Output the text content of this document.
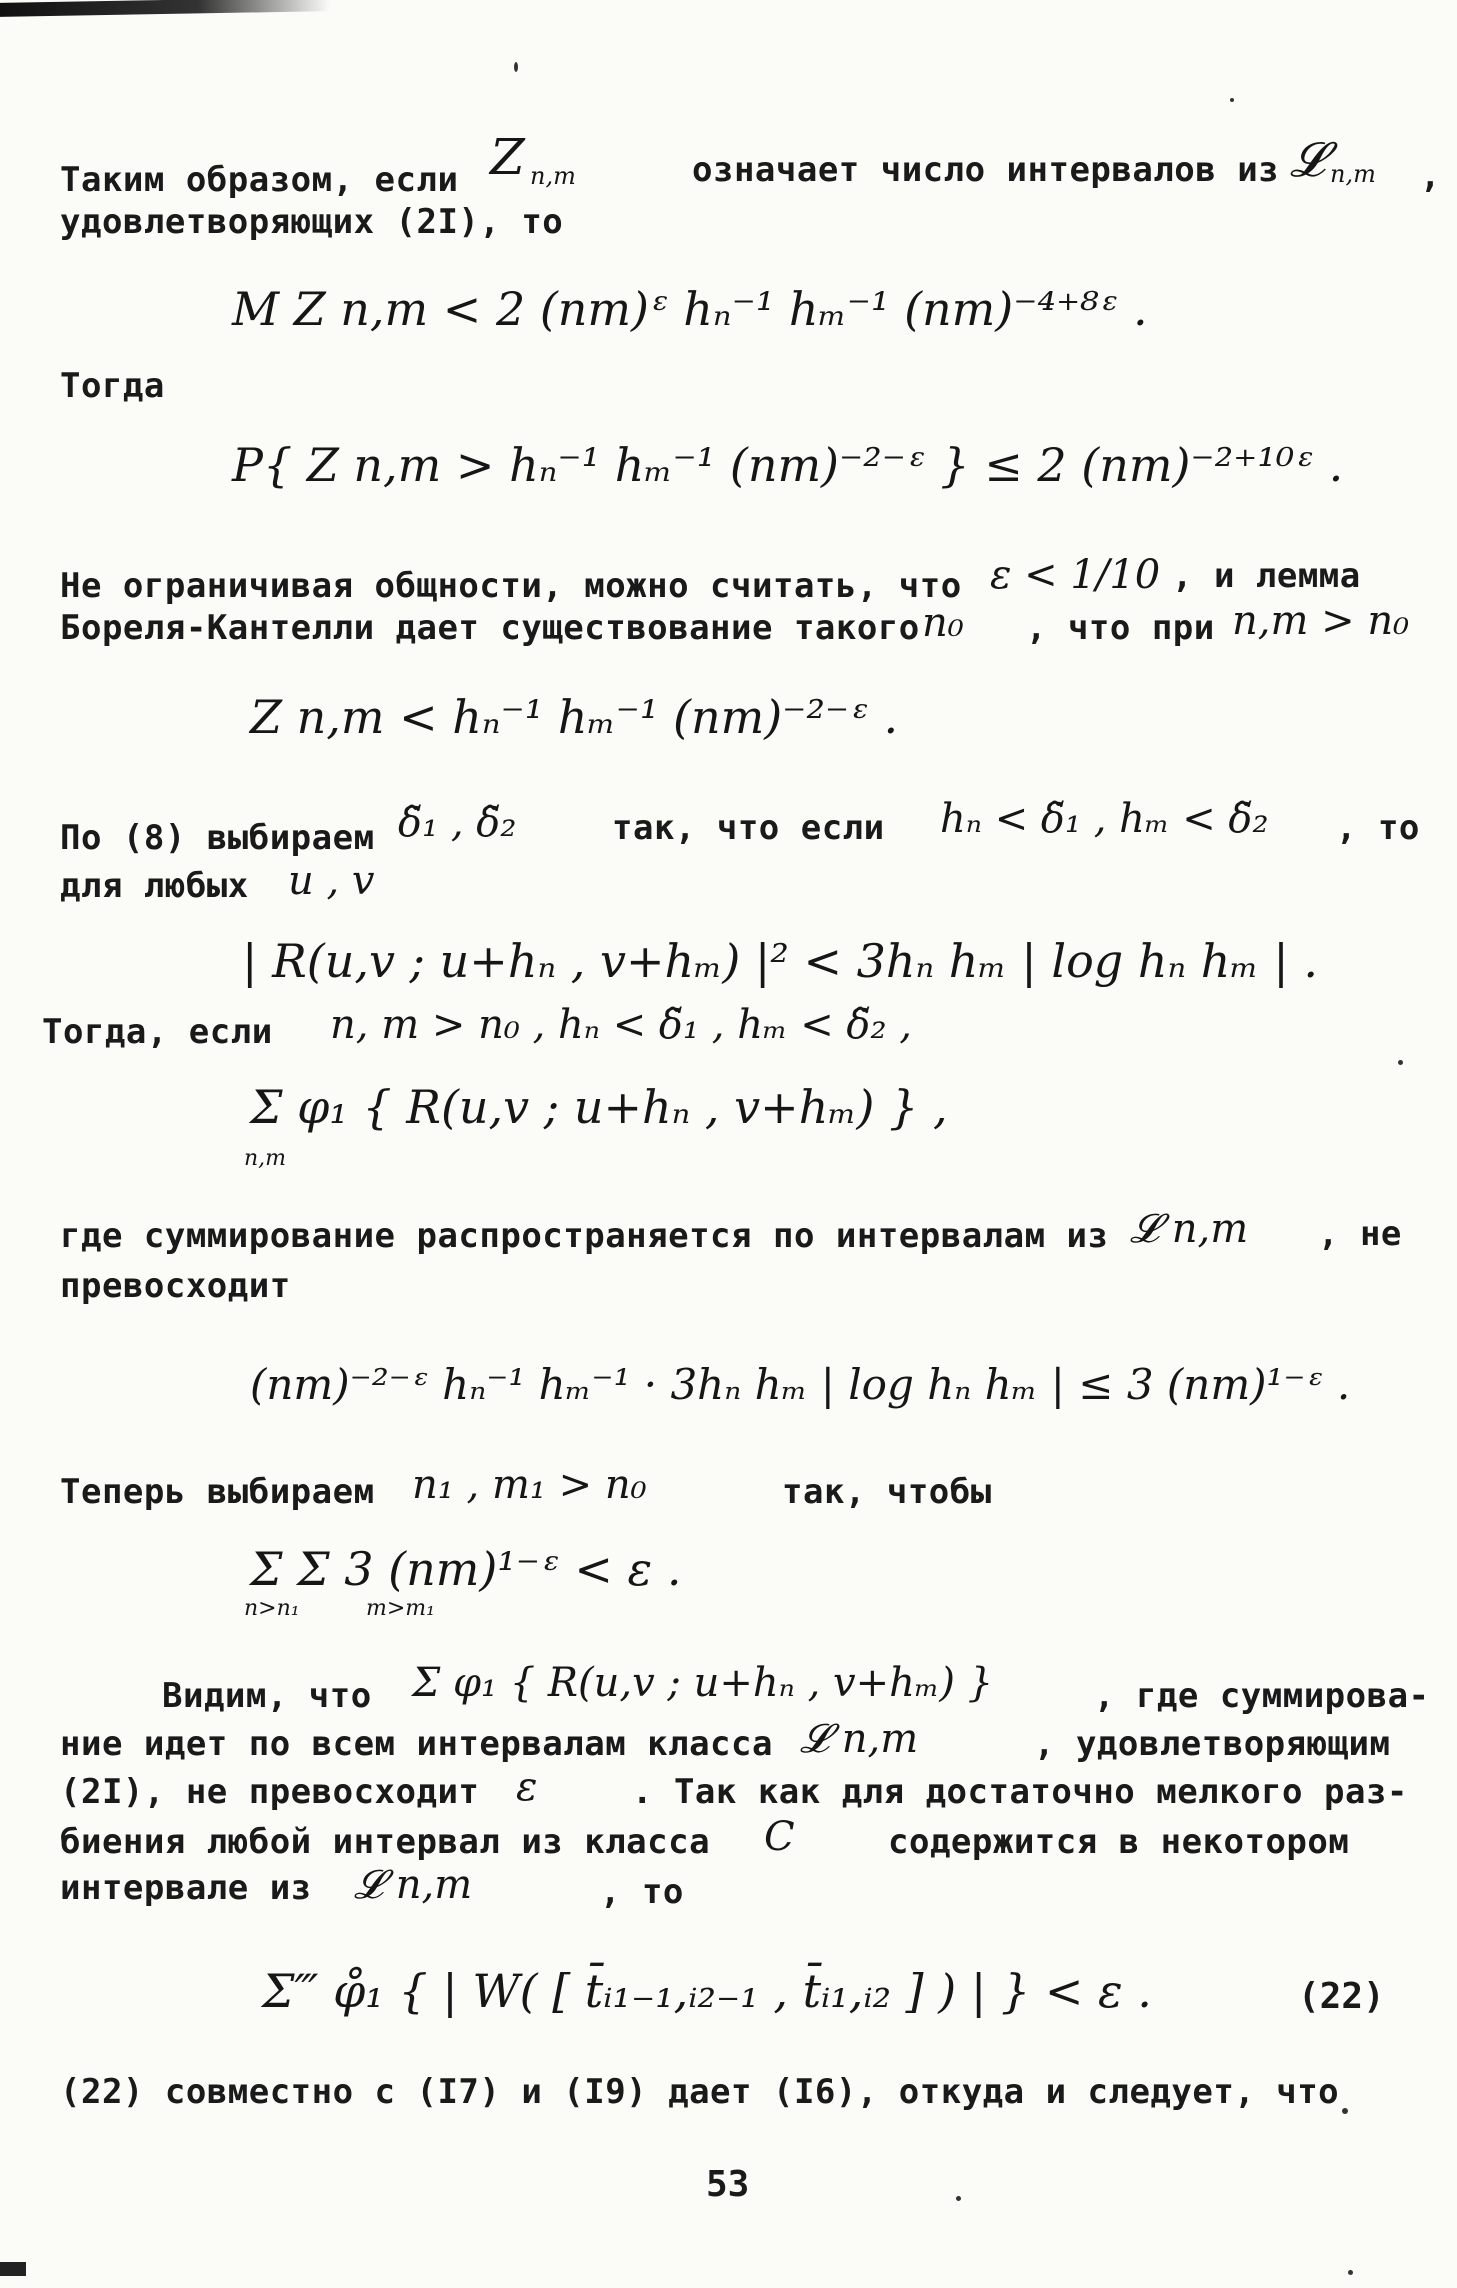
Таким образом, если Z n,m	означает число интервалов из 𝓛 n,m ,
удовлетворяющих (2I), то
M Z n,m < 2 (nm)ᵋ hₙ⁻¹ hₘ⁻¹ (nm)⁻⁴⁺⁸ᵋ .
Тогда
P{ Z n,m > hₙ⁻¹ hₘ⁻¹ (nm)⁻²⁻ᵋ } ≤ 2 (nm)⁻²⁺¹⁰ᵋ .
Не ограничивая общности, можно считать, что ε < 1/10 , и лемма
Бореля-Кантелли дает существование такого n₀ , что при n,m > n₀
Z n,m < hₙ⁻¹ hₘ⁻¹ (nm)⁻²⁻ᵋ .
По (8) выбираем δ̃₁ , δ̃₂	так, что если hₙ < δ̃₁ , hₘ < δ̃₂ , то
для любых u , v
| R(u,v ; u+hₙ , v+hₘ) |² < 3hₙ hₘ | log hₙ hₘ | .
Тогда, если n, m > n₀ , hₙ < δ̃₁ , hₘ < δ̃₂ ,
Σ φ₁ { R(u,v ; u+hₙ , v+hₘ) } ,
n,m
где суммирование распространяется по интервалам из 𝓛 n,m , не
превосходит
(nm)⁻²⁻ᵋ hₙ⁻¹ hₘ⁻¹ · 3hₙ hₘ | log hₙ hₘ | ≤ 3 (nm)¹⁻ᵋ .
Теперь выбираем n₁ , m₁ > n₀	так, чтобы
Σ Σ 3 (nm)¹⁻ᵋ < ε .
n>n₁	m>m₁
Видим, что Σ φ₁ { R(u,v ; u+hₙ , v+hₘ) }	, где суммирова-
ние идет по всем интервалам класса 𝓛 n,m	, удовлетворяющим
(2I), не превосходит ε	. Так как для достаточно мелкого раз-
биения любой интервал из класса C	содержится в некотором
интервале из 𝓛 n,m	, то
Σ‴ φ̊₁ { | W( [ t̄ᵢ₁₋₁,ᵢ₂₋₁ , t̄ᵢ₁,ᵢ₂ ] ) | } < ε .	(22)
(22) совместно с (I7) и (I9) дает (I6), откуда и следует, что
53
